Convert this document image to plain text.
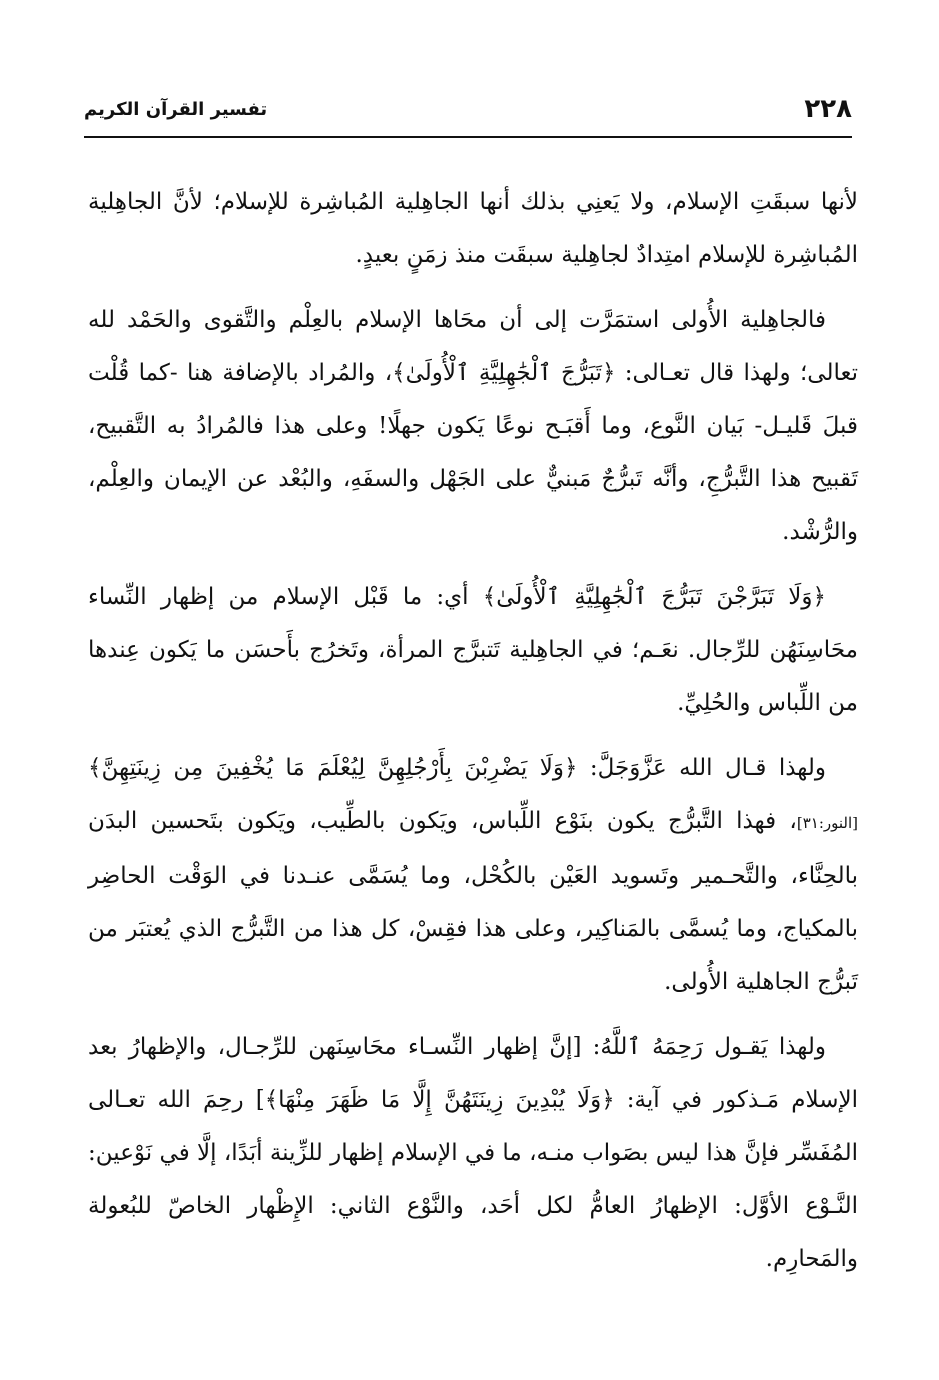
٢٢٨
تفسير القرآن الكريم

لأنها سبقَتِ الإسلام، ولا يَعنِي بذلك أنها الجاهِلية المُباشِرة للإسلام؛ لأنَّ الجاهِلية المُباشِرة للإسلام امتِدادٌ لجاهِلية سبقَت منذ زمَنٍ بعيدٍ.

فالجاهِلية الأُولى استمَرَّت إلى أن محَاها الإسلام بالعِلْم والتَّقوى والحَمْد لله تعالى؛ ولهذا قال تعـالى: ﴿تَبَرُّجَ ٱلْجَٰهِلِيَّةِ ٱلْأُولَىٰ﴾، والمُراد بالإضافة هنا -كما قُلْت قبلَ قَليـل- بَيان النَّوع، وما أَقبَـح نوعًا يَكون جهلًا! وعلى هذا فالمُرادُ به التَّقبيح، تَقبيح هذا التَّبرُّجِ، وأنَّه تَبرُّجٌ مَبنيٌّ على الجَهْل والسفَهِ، والبُعْد عن الإيمان والعِلْم، والرُّشْد.

﴿وَلَا تَبَرَّجْنَ تَبَرُّجَ ٱلْجَٰهِلِيَّةِ ٱلْأُولَىٰ﴾ أي: ما قَبْل الإسلام من إظهار النِّساء محَاسِنَهُن للرِّجال. نعَـم؛ في الجاهِلية تَتبرَّج المرأة، وتَخرُج بأَحسَن ما يَكون عِندها من اللِّباس والحُلِيِّ.

ولهذا قـال الله عَزَّوَجَلَّ: ﴿وَلَا يَضْرِبْنَ بِأَرْجُلِهِنَّ لِيُعْلَمَ مَا يُخْفِينَ مِن زِينَتِهِنَّ﴾ [النور:٣١]، فهذا التَّبرُّج يكون بنَوْع اللِّباس، ويَكون بالطِّيب، ويَكون بتَحسين البدَن بالحِنَّاء، والتَّحـمير وتَسويد العَيْن بالكُحْل، وما يُسَمَّى عنـدنا في الوَقْت الحاضِر بالمكياج، وما يُسمَّى بالمَناكِير، وعلى هذا فقِسْ، كل هذا من التَّبرُّج الذي يُعتبَر من تَبرُّج الجاهلية الأُولى.

ولهذا يَقـول رَحِمَهُ ٱللَّهُ: [إنَّ إظهار النِّسـاء محَاسِنَهن للرِّجـال، والإظهارُ بعد الإسلام مَـذكور في آية: ﴿وَلَا يُبْدِينَ زِينَتَهُنَّ إِلَّا مَا ظَهَرَ مِنْهَا﴾] رحِمَ الله تعـالى المُفَسِّر فإنَّ هذا ليس بصَواب منـه، ما في الإسلام إظهار للزِّينة أبَدًا، إلَّا في نَوْعين: النَّـوْع الأوَّل: الإظهارُ العامُّ لكل أحَد، والنَّوْع الثاني: الإِظْهار الخاصّ للبُعولة والمَحارِم.
